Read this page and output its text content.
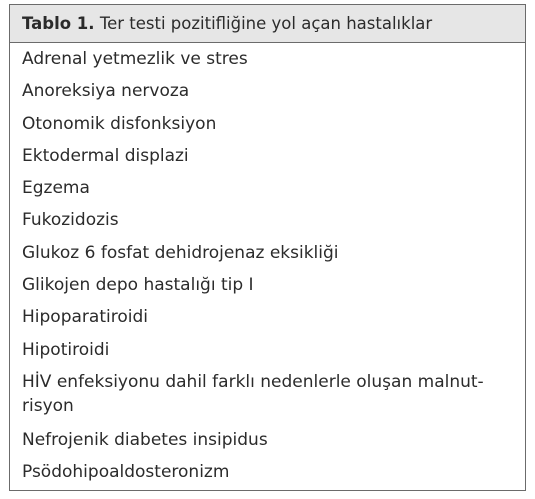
Tablo 1. Ter testi pozitifliğine yol açan hastalıklar
Adrenal yetmezlik ve stres
Anoreksiya nervoza
Otonomik disfonksiyon
Ektodermal displazi
Egzema
Fukozidozis
Glukoz 6 fosfat dehidrojenaz eksikliği
Glikojen depo hastalığı tip I
Hipoparatiroidi
Hipotiroidi
HİV enfeksiyonu dahil farklı nedenlerle oluşan malnut-
risyon
Nefrojenik diabetes insipidus
Psödohipoaldosteronizm
